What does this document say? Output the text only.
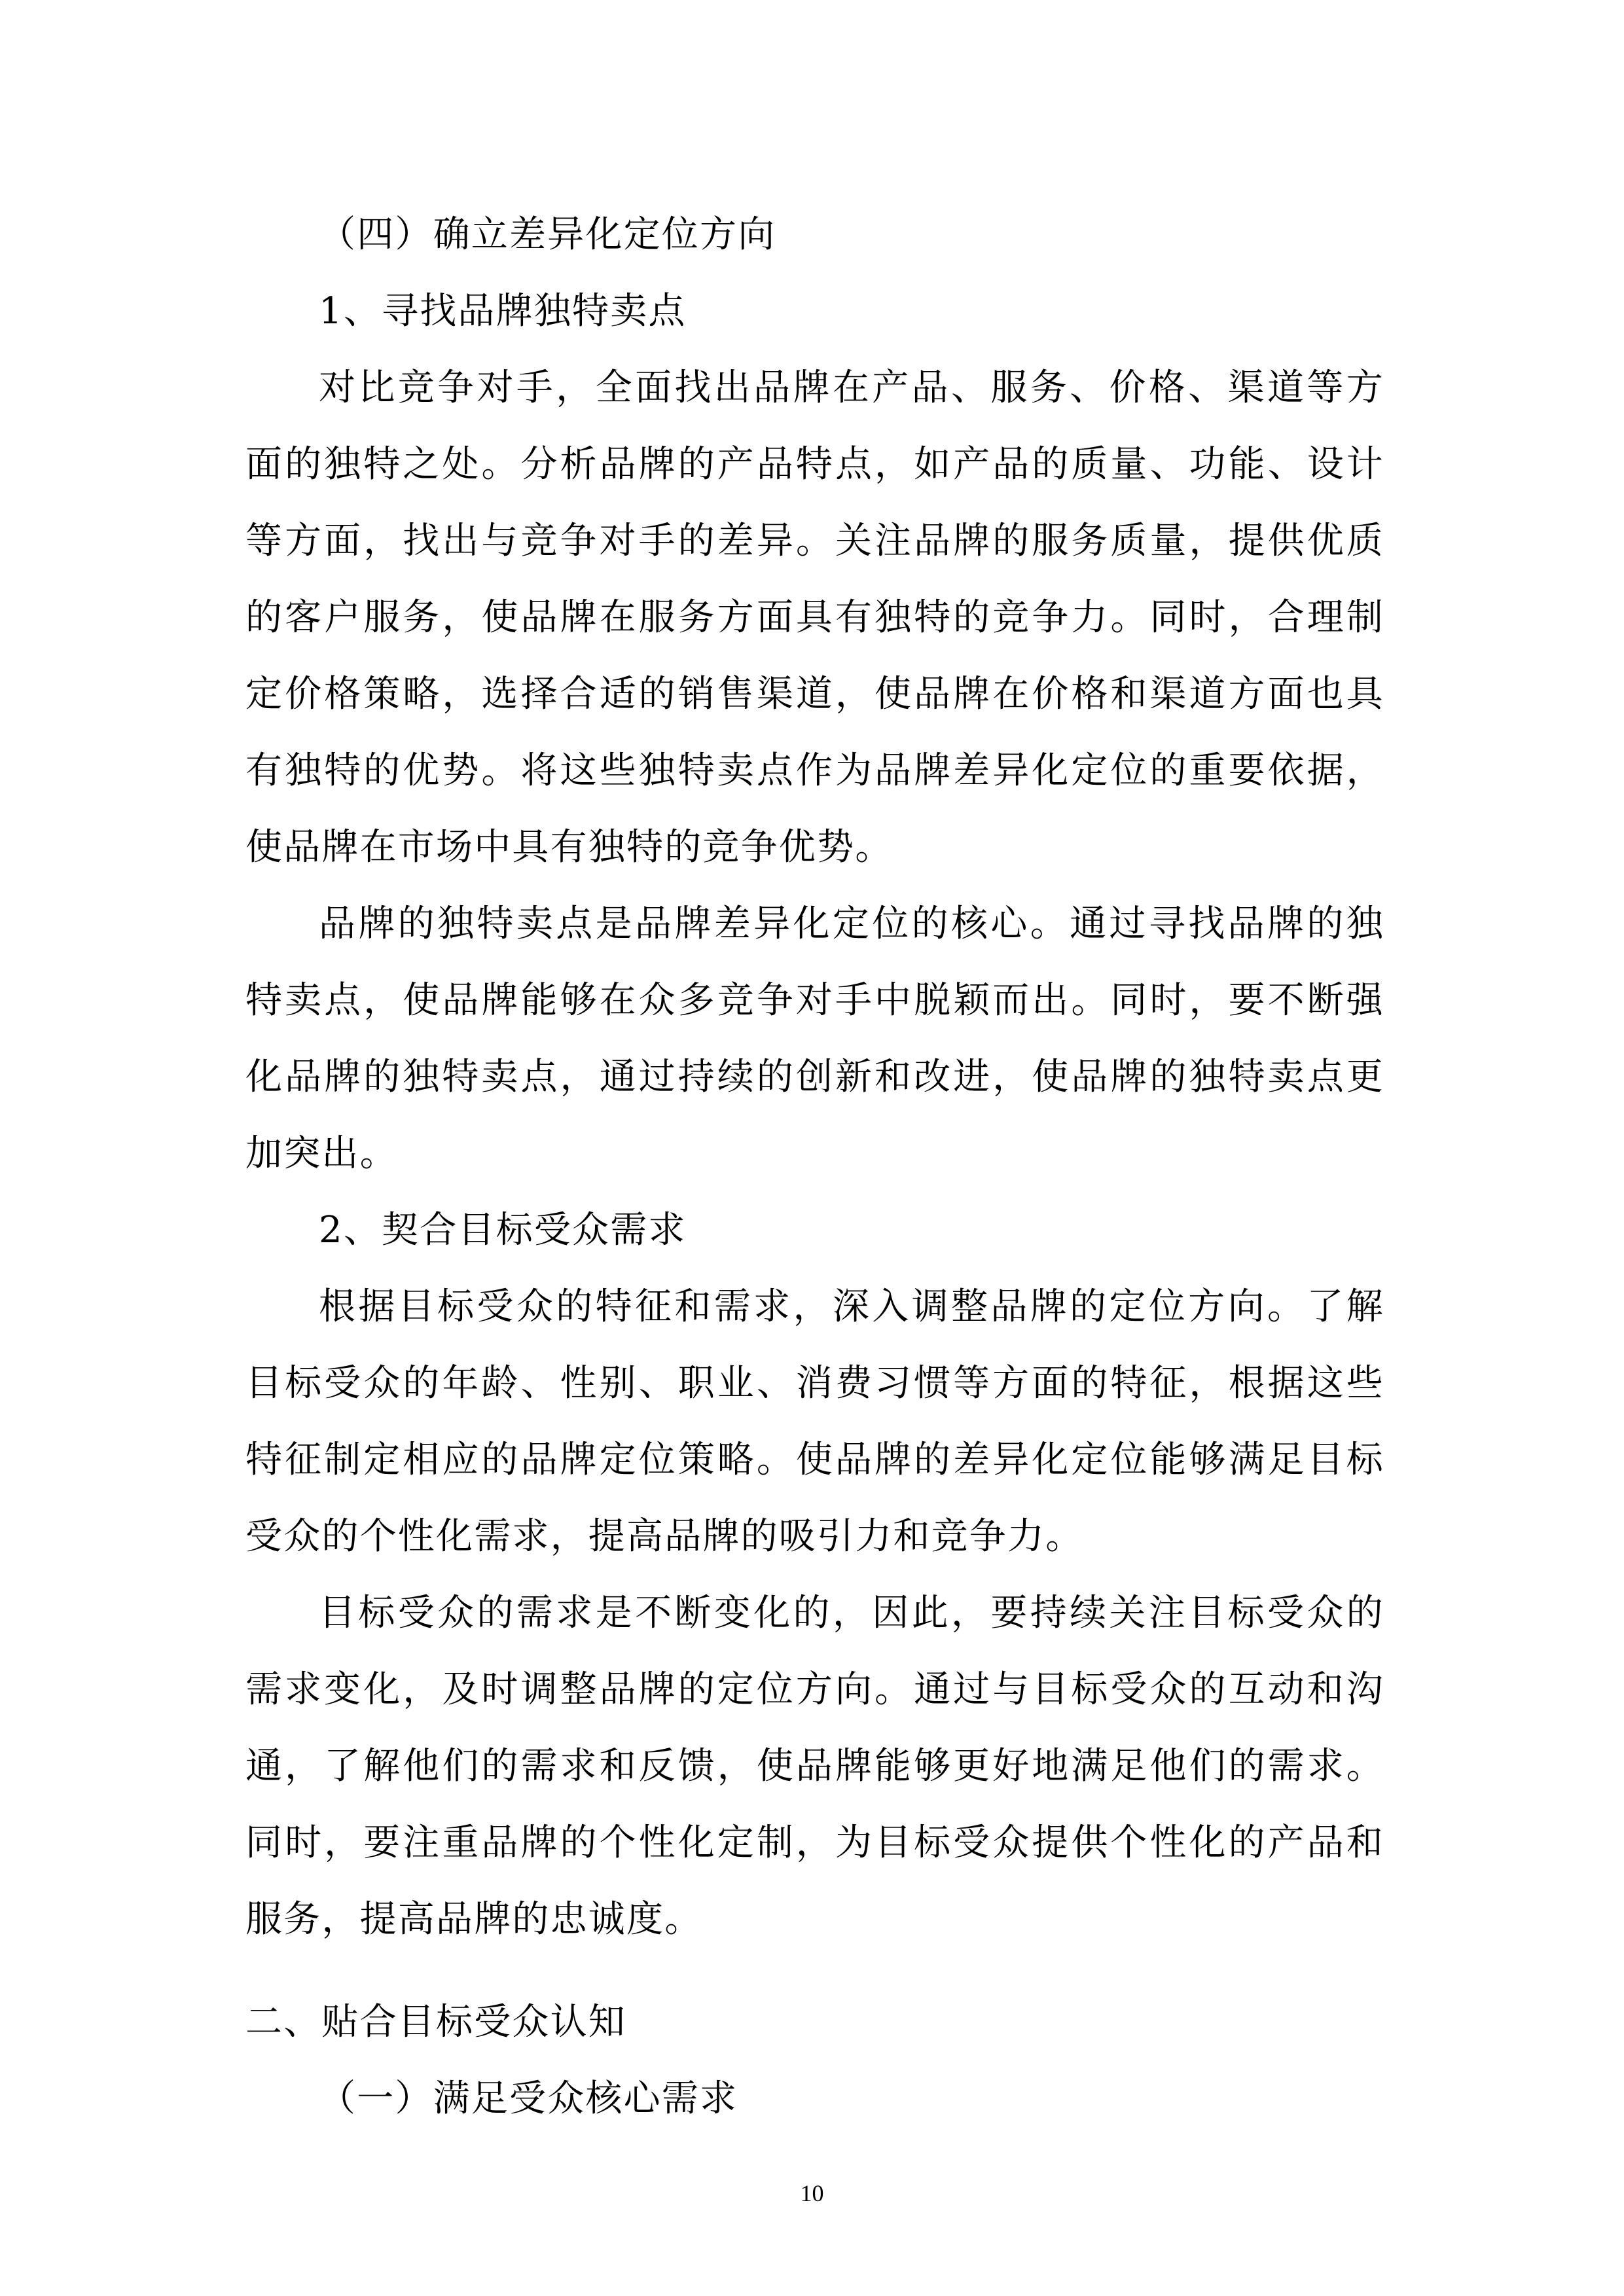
（四）确立差异化定位方向
1、寻找品牌独特卖点

对比竞争对手，全面找出品牌在产品、服务、价格、渠道等方面的独特之处。分析品牌的产品特点，如产品的质量、功能、设计等方面，找出与竞争对手的差异。关注品牌的服务质量，提供优质的客户服务，使品牌在服务方面具有独特的竞争力。同时，合理制定价格策略，选择合适的销售渠道，使品牌在价格和渠道方面也具有独特的优势。将这些独特卖点作为品牌差异化定位的重要依据，使品牌在市场中具有独特的竞争优势。

品牌的独特卖点是品牌差异化定位的核心。通过寻找品牌的独特卖点，使品牌能够在众多竞争对手中脱颖而出。同时，要不断强化品牌的独特卖点，通过持续的创新和改进，使品牌的独特卖点更加突出。

2、契合目标受众需求

根据目标受众的特征和需求，深入调整品牌的定位方向。了解目标受众的年龄、性别、职业、消费习惯等方面的特征，根据这些特征制定相应的品牌定位策略。使品牌的差异化定位能够满足目标受众的个性化需求，提高品牌的吸引力和竞争力。

目标受众的需求是不断变化的，因此，要持续关注目标受众的需求变化，及时调整品牌的定位方向。通过与目标受众的互动和沟通，了解他们的需求和反馈，使品牌能够更好地满足他们的需求。同时，要注重品牌的个性化定制，为目标受众提供个性化的产品和服务，提高品牌的忠诚度。

二、贴合目标受众认知
（一）满足受众核心需求
10
